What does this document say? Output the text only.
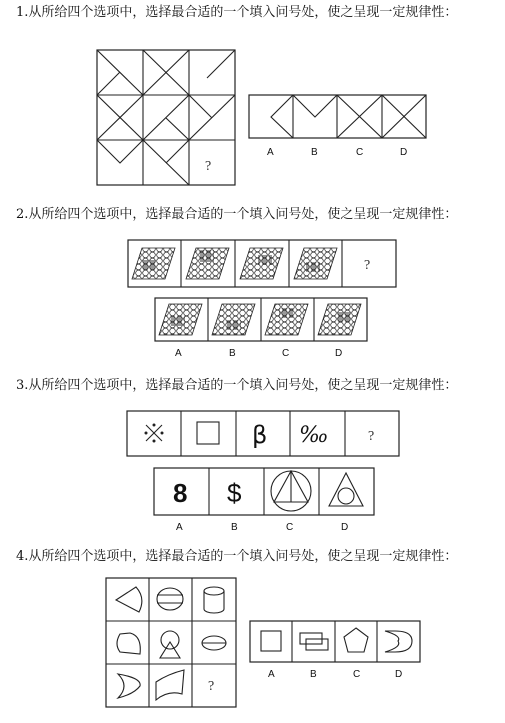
1.从所给四个选项中，选择最合适的一个填入问号处，使之呈现一定规律性：
?
A	B	C	D
2.从所给四个选项中，选择最合适的一个填入问号处，使之呈现一定规律性：
?
A	B	C	D
3.从所给四个选项中，选择最合适的一个填入问号处，使之呈现一定规律性：
β ‰	?
8 $
A	B	C	D
4.从所给四个选项中，选择最合适的一个填入问号处，使之呈现一定规律性：
?
A	B	C	D
